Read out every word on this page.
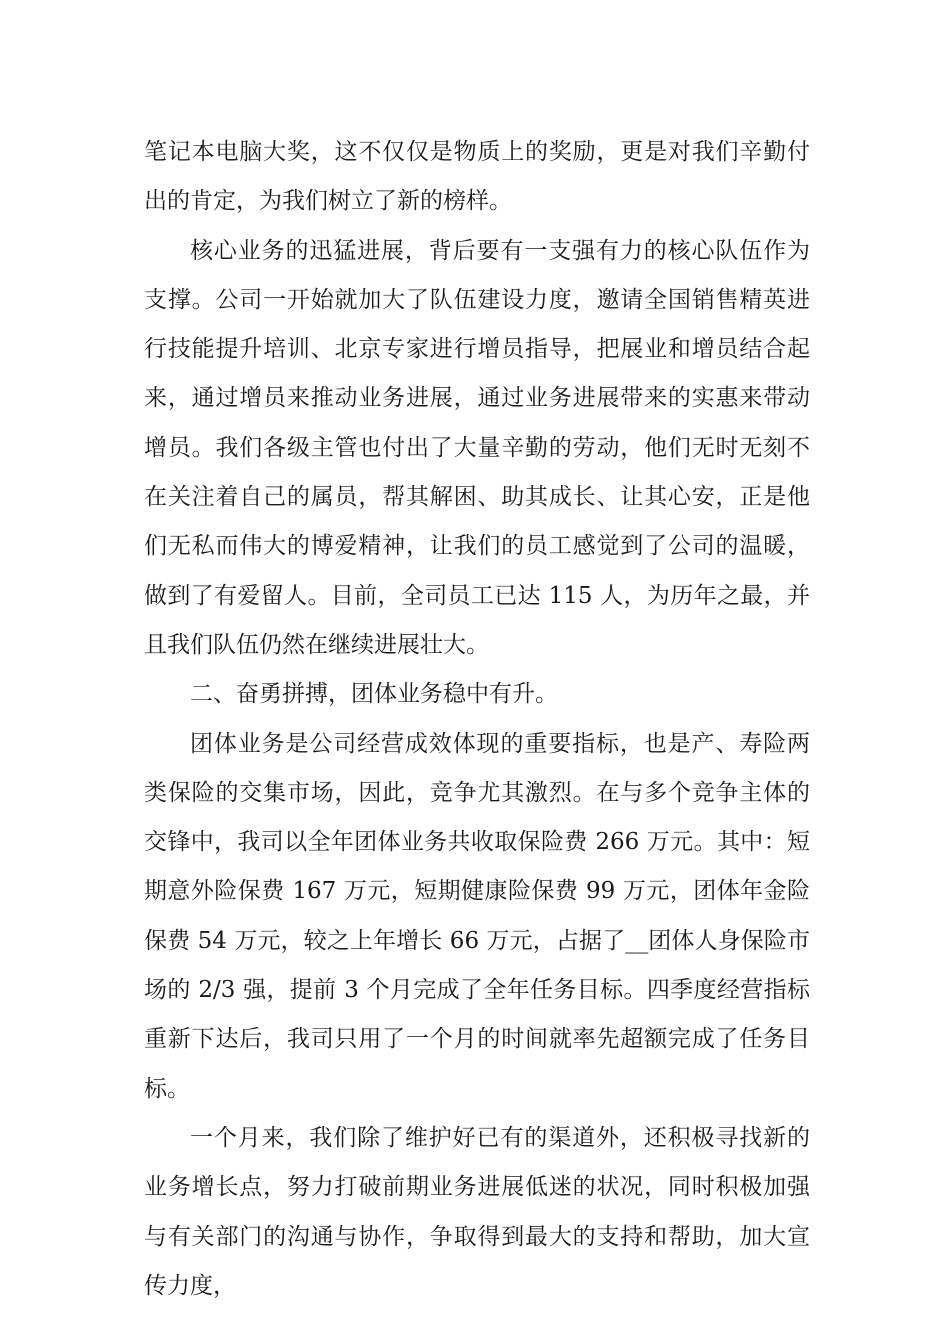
笔记本电脑大奖，这不仅仅是物质上的奖励，更是对我们辛勤付出的肯定，为我们树立了新的榜样。

核心业务的迅猛进展，背后要有一支强有力的核心队伍作为支撑。公司一开始就加大了队伍建设力度，邀请全国销售精英进行技能提升培训、北京专家进行增员指导，把展业和增员结合起来，通过增员来推动业务进展，通过业务进展带来的实惠来带动增员。我们各级主管也付出了大量辛勤的劳动，他们无时无刻不在关注着自己的属员，帮其解困、助其成长、让其心安，正是他们无私而伟大的博爱精神，让我们的员工感觉到了公司的温暖，做到了有爱留人。目前，全司员工已达 115 人，为历年之最，并且我们队伍仍然在继续进展壮大。

二、奋勇拼搏，团体业务稳中有升。

团体业务是公司经营成效体现的重要指标，也是产、寿险两类保险的交集市场，因此，竞争尤其激烈。在与多个竞争主体的交锋中，我司以全年团体业务共收取保险费 266 万元。其中：短期意外险保费 167 万元，短期健康险保费 99 万元，团体年金险保费 54 万元，较之上年增长 66 万元，占据了__团体人身保险市场的 2/3 强，提前 3 个月完成了全年任务目标。四季度经营指标重新下达后，我司只用了一个月的时间就率先超额完成了任务目标。

一个月来，我们除了维护好已有的渠道外，还积极寻找新的业务增长点，努力打破前期业务进展低迷的状况，同时积极加强与有关部门的沟通与协作，争取得到最大的支持和帮助，加大宣传力度，
